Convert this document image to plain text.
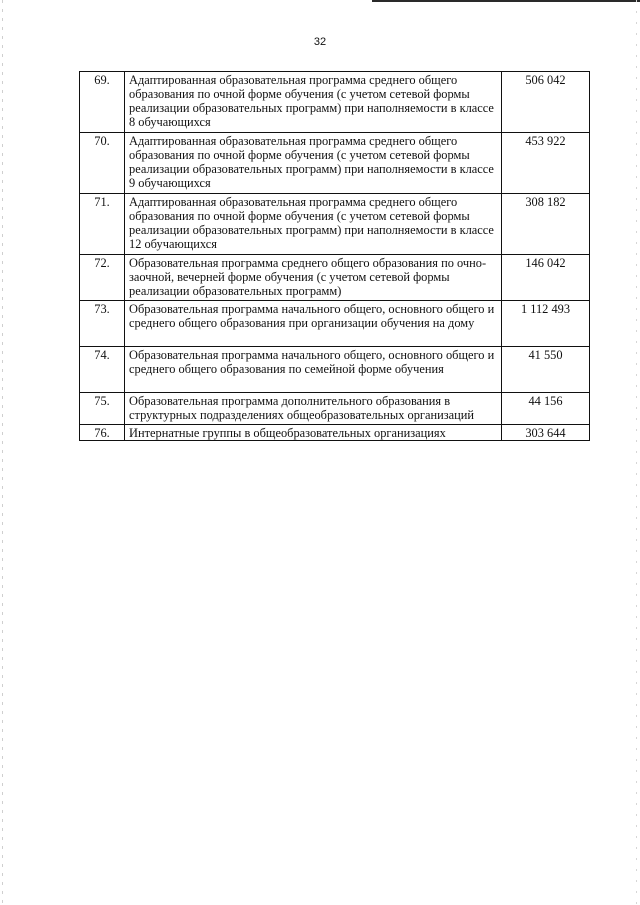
32
69.	Адаптированная образовательная программа среднего общего образования по очной форме обучения (с учетом сетевой формы реализации образовательных программ) при наполняемости в классе 8 обучающихся	506 042
70.	Адаптированная образовательная программа среднего общего образования по очной форме обучения (с учетом сетевой формы реализации образовательных программ) при наполняемости в классе 9 обучающихся	453 922
71.	Адаптированная образовательная программа среднего общего образования по очной форме обучения (с учетом сетевой формы реализации образовательных программ) при наполняемости в классе 12 обучающихся	308 182
72.	Образовательная программа среднего общего образования по очно-заочной, вечерней форме обучения (с учетом сетевой формы реализации образовательных программ)	146 042
73.	Образовательная программа начального общего, основного общего и среднего общего образования при организации обучения на дому	1 112 493
74.	Образовательная программа начального общего, основного общего и среднего общего образования по семейной форме обучения	41 550
75.	Образовательная программа дополнительного образования в структурных подразделениях общеобразовательных организаций	44 156
76.	Интернатные группы в общеобразовательных организациях	303 644
